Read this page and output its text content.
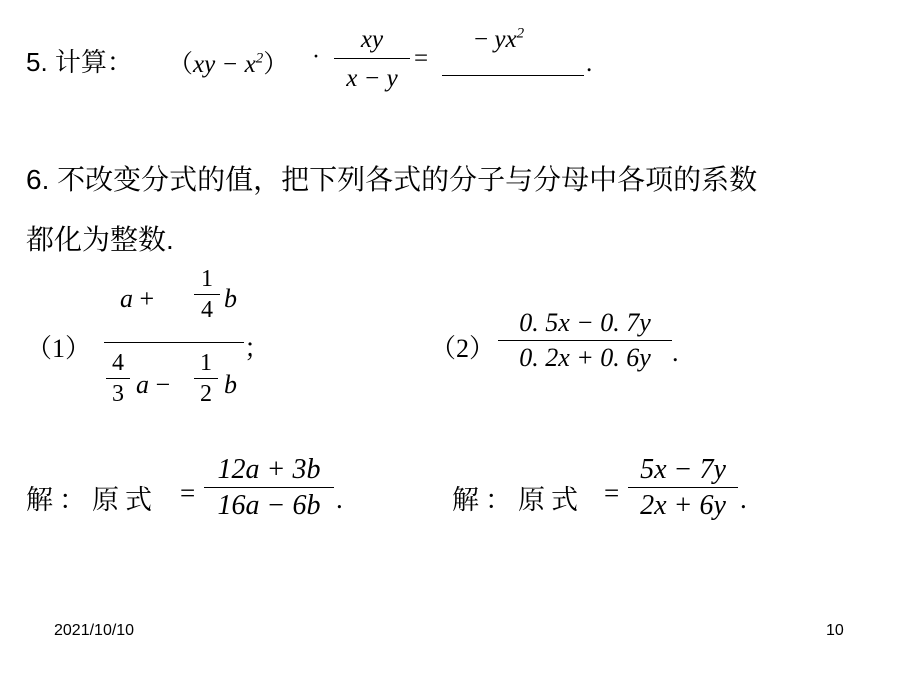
5. 计算： $(xy - x^2)$ ·
xy
x − y
=
− $yx^2$
.
6. 不改变分式的值，把下列各式的分子与分母中各项的系数
都化为整数.
（1）
a +
1
4 b
4
3 a −
1
2 b
；	（2）
0. 5x − 0. 7y
0. 2x + 0. 6y .
解：原式 =
12a + 3b
16a − 6b .	解：原式 =
5x − 7y
2x + 6y .
2021/10/10	10
